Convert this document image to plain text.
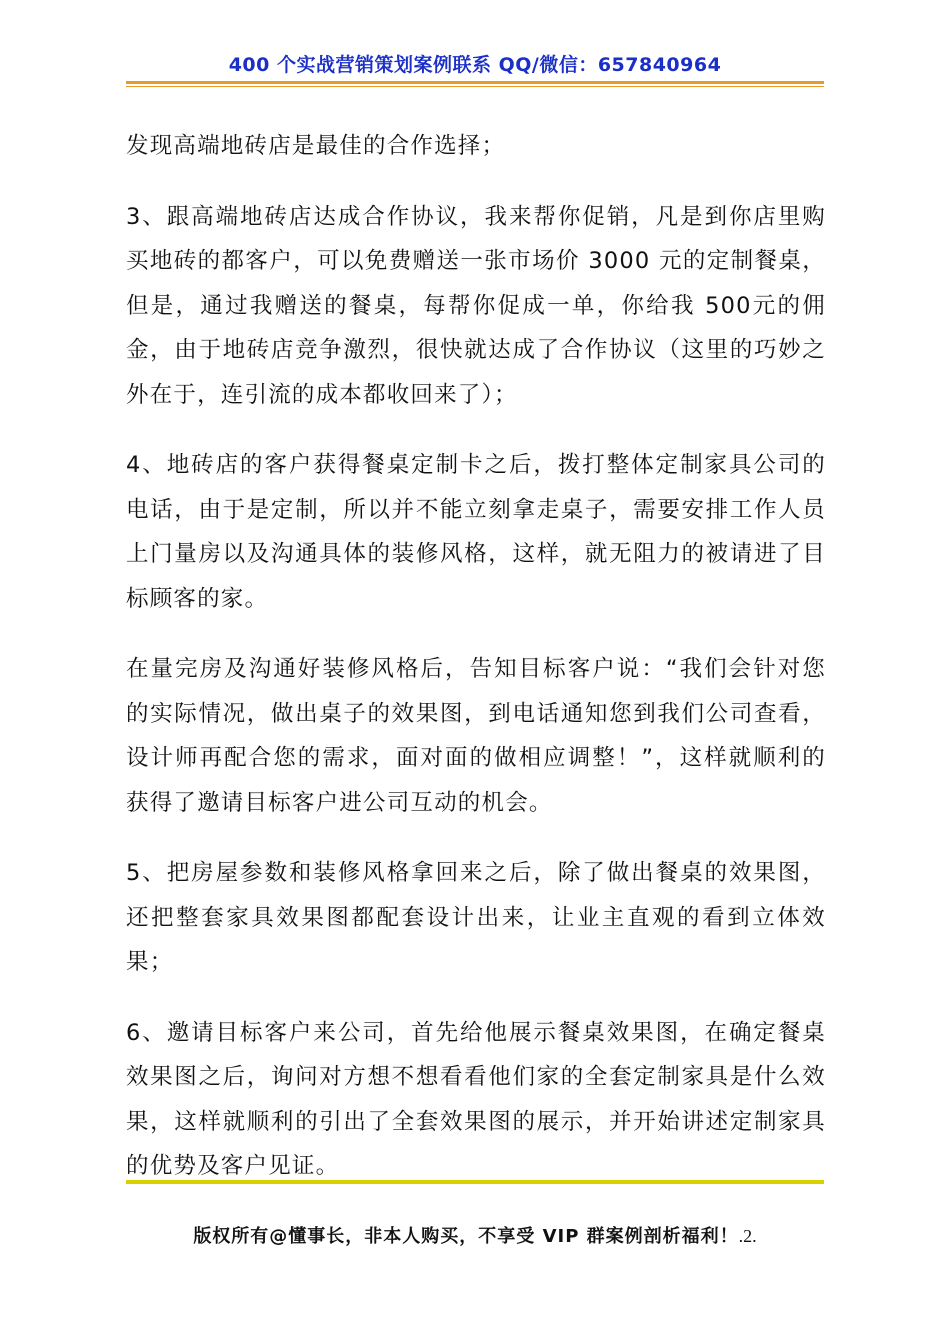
400 个实战营销策划案例联系 QQ/微信：657840964

发现高端地砖店是最佳的合作选择；

3、跟高端地砖店达成合作协议，我来帮你促销，凡是到你店里购买地砖的都客户，可以免费赠送一张市场价 3000 元的定制餐桌，但是，通过我赠送的餐桌，每帮你促成一单，你给我 500元的佣金，由于地砖店竞争激烈，很快就达成了合作协议（这里的巧妙之外在于，连引流的成本都收回来了）；

4、地砖店的客户获得餐桌定制卡之后，拨打整体定制家具公司的电话，由于是定制，所以并不能立刻拿走桌子，需要安排工作人员上门量房以及沟通具体的装修风格，这样，就无阻力的被请进了目标顾客的家。

在量完房及沟通好装修风格后，告知目标客户说：“我们会针对您的实际情况，做出桌子的效果图，到电话通知您到我们公司查看，设计师再配合您的需求，面对面的做相应调整！”，这样就顺利的获得了邀请目标客户进公司互动的机会。

5、把房屋参数和装修风格拿回来之后，除了做出餐桌的效果图，还把整套家具效果图都配套设计出来，让业主直观的看到立体效果；

6、邀请目标客户来公司，首先给他展示餐桌效果图，在确定餐桌效果图之后，询问对方想不想看看他们家的全套定制家具是什么效果，这样就顺利的引出了全套效果图的展示，并开始讲述定制家具的优势及客户见证。

版权所有@懂事长，非本人购买，不享受 VIP 群案例剖析福利！.2.
